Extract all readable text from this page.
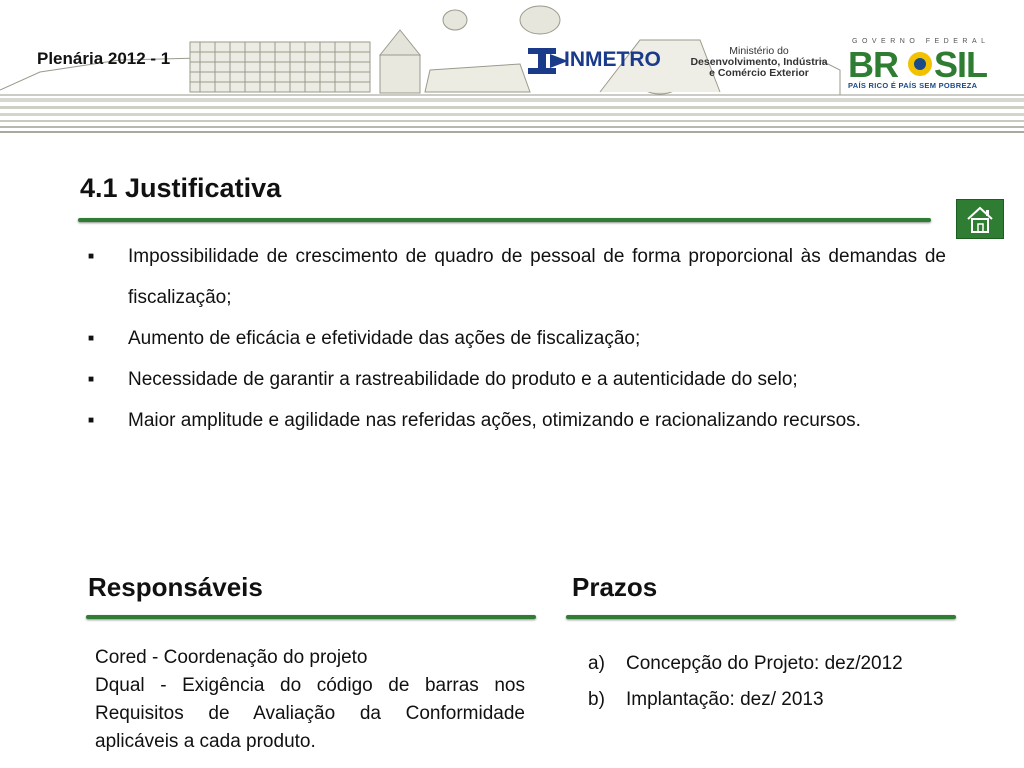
Plenária 2012 - 1	INMETRO	Ministério do
Desenvolvimento, Indústria
e Comércio Exterior
GOVERNO FEDERAL
BR SIL
PAÍS RICO É PAÍS SEM POBREZA
4.1 Justificativa
■ Impossibilidade de crescimento de quadro de pessoal de forma proporcional às demandas de fiscalização;
■ Aumento de eficácia e efetividade das ações de fiscalização;
■ Necessidade de garantir a rastreabilidade do produto e a autenticidade do selo;
■ Maior amplitude e agilidade nas referidas ações, otimizando e racionalizando recursos.
Responsáveis
Cored - Coordenação do projeto
Dqual - Exigência do código de barras nos
Requisitos de Avaliação da Conformidade
aplicáveis a cada produto.
Prazos
a) Concepção do Projeto: dez/2012
b) Implantação: dez/ 2013
